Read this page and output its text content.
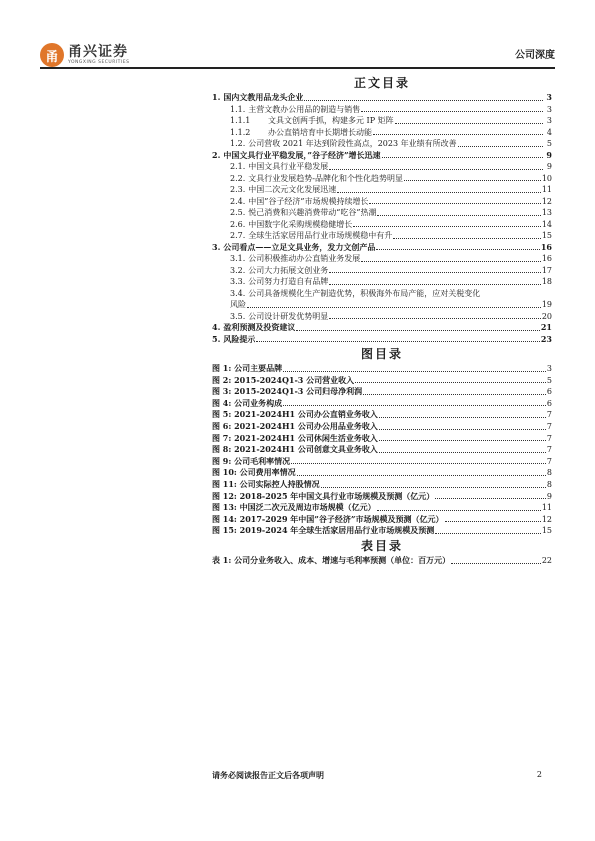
甬 甬兴证券
YONGXING SECURITIES
公司深度
正文目录
1. 国内文教用品龙头企业	3
1.1. 主营文教办公用品的制造与销售	3
1.1.1	文具文创两手抓，构建多元 IP 矩阵	3
1.1.2	办公直销培育中长期增长动能	4
1.2. 公司营收 2021 年达到阶段性高点，2023 年业绩有所改善	5
2. 中国文具行业平稳发展，”谷子经济”增长迅速	9
2.1. 中国文具行业平稳发展	9
2.2. 文具行业发展趋势-品牌化和个性化趋势明显	10
2.3. 中国二次元文化发展迅速	11
2.4. 中国”谷子经济”市场规模持续增长	12
2.5. 悦己消费和兴趣消费带动“吃谷”热潮	13
2.6. 中国数字化采购规模稳健增长	14
2.7. 全球生活家居用品行业市场规模稳中有升	15
3. 公司看点——立足文具业务，发力文创产品	16
3.1. 公司积极推动办公直销业务发展	16
3.2. 公司大力拓展文创业务	17
3.3. 公司努力打造自有品牌	18
3.4. 公司具备规模化生产制造优势，积极海外布局产能，应对关税变化
风险	19
3.5. 公司设计研发优势明显	20
4. 盈利预测及投资建议	21
5. 风险提示	23
图目录
图 1: 公司主要品牌	3
图 2: 2015-2024Q1-3 公司营业收入	5
图 3: 2015-2024Q1-3 公司归母净利润	6
图 4: 公司业务构成	6
图 5: 2021-2024H1 公司办公直销业务收入	7
图 6: 2021-2024H1 公司办公用品业务收入	7
图 7: 2021-2024H1 公司休闲生活业务收入	7
图 8: 2021-2024H1 公司创意文具业务收入	7
图 9: 公司毛利率情况	7
图 10: 公司费用率情况	8
图 11: 公司实际控人持股情况	8
图 12: 2018-2025 年中国文具行业市场规模及预测（亿元）	9
图 13: 中国泛二次元及周边市场规模（亿元）	11
图 14: 2017-2029 年中国”谷子经济”市场规模及预测（亿元）	12
图 15: 2019-2024 年全球生活家居用品行业市场规模及预测	15
表目录
表 1: 公司分业务收入、成本、增速与毛利率预测（单位：百万元）	22
请务必阅读报告正文后各项声明	2
